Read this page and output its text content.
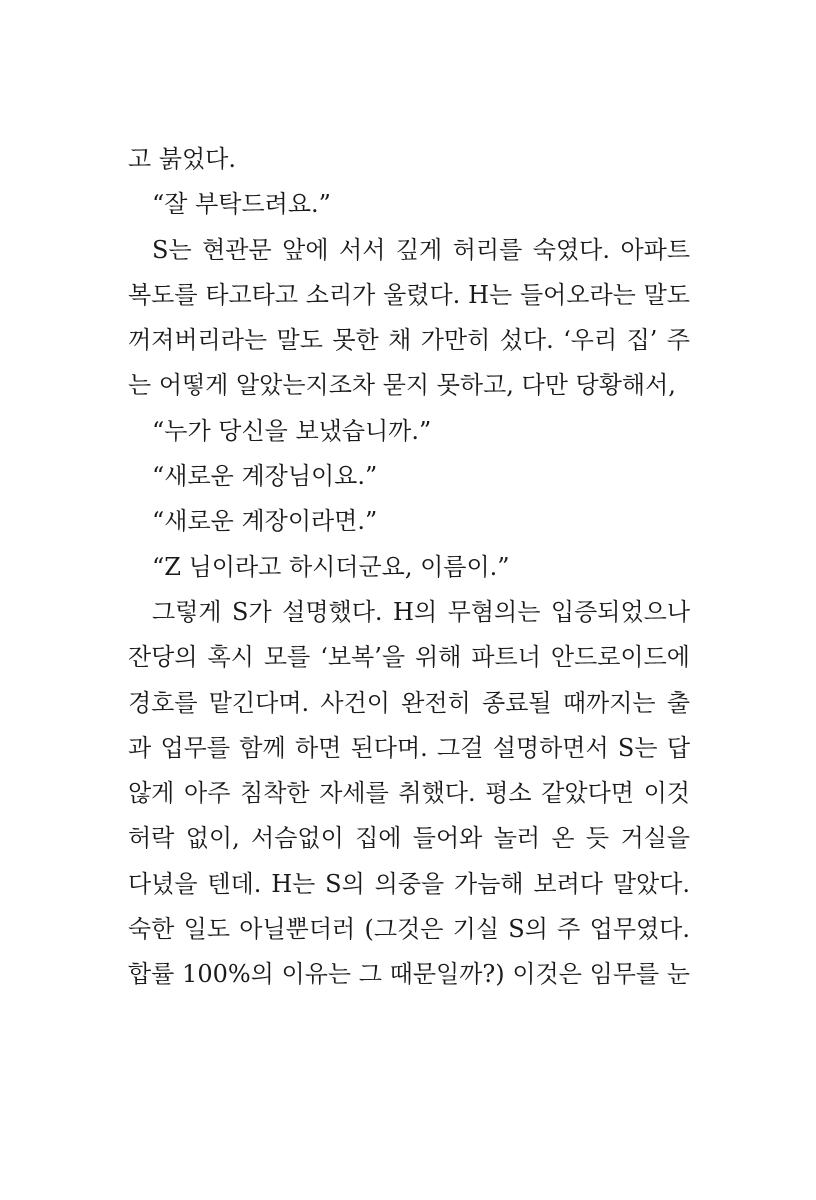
고 붉었다.
“잘 부탁드려요.”
S는 현관문 앞에 서서 깊게 허리를 숙였다. 아파트
복도를 타고타고 소리가 울렸다. H는 들어오라는 말도
꺼져버리라는 말도 못한 채 가만히 섰다. ‘우리 집’ 주
는 어떻게 알았는지조차 묻지 못하고, 다만 당황해서,
“누가 당신을 보냈습니까.”
“새로운 계장님이요.”
“새로운 계장이라면.”
“Z 님이라고 하시더군요, 이름이.”
그렇게 S가 설명했다. H의 무혐의는 입증되었으나
잔당의 혹시 모를 ‘보복’을 위해 파트너 안드로이드에
경호를 맡긴다며. 사건이 완전히 종료될 때까지는 출
과 업무를 함께 하면 된다며. 그걸 설명하면서 S는 답
않게 아주 침착한 자세를 취했다. 평소 같았다면 이것
허락 없이, 서슴없이 집에 들어와 놀러 온 듯 거실을
다녔을 텐데. H는 S의 의중을 가늠해 보려다 말았다.
숙한 일도 아닐뿐더러 (그것은 기실 S의 주 업무였다.
합률 100%의 이유는 그 때문일까?) 이것은 임무를 눈
